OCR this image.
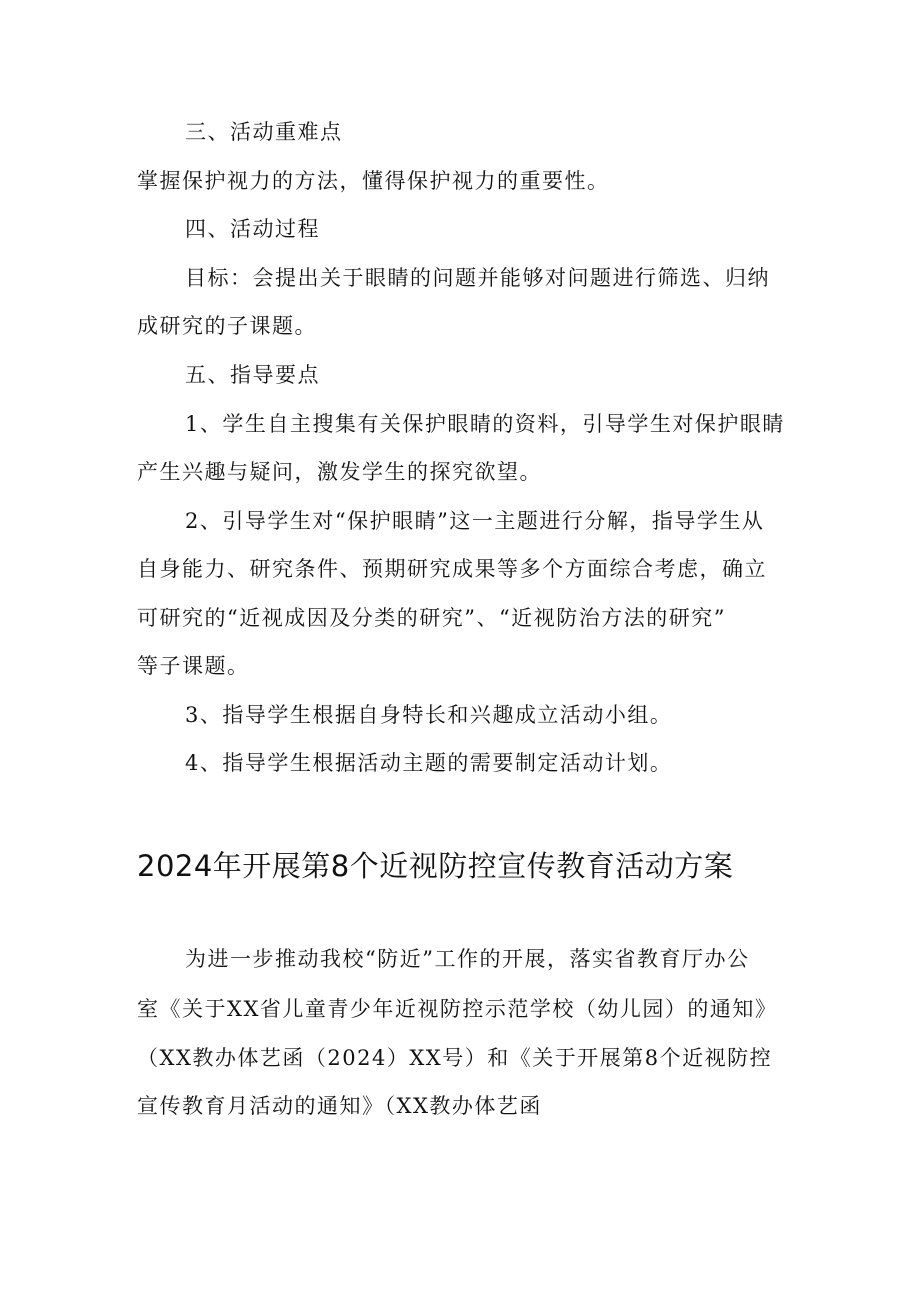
三、活动重难点
掌握保护视力的方法，懂得保护视力的重要性。
四、活动过程
目标：会提出关于眼睛的问题并能够对问题进行筛选、归纳
成研究的子课题。
五、指导要点
1、学生自主搜集有关保护眼睛的资料，引导学生对保护眼睛
产生兴趣与疑问，激发学生的探究欲望。
2、引导学生对“保护眼睛”这一主题进行分解，指导学生从
自身能力、研究条件、预期研究成果等多个方面综合考虑，确立
可研究的“近视成因及分类的研究”、“近视防治方法的研究”
等子课题。
3、指导学生根据自身特长和兴趣成立活动小组。
4、指导学生根据活动主题的需要制定活动计划。
2024年开展第8个近视防控宣传教育活动方案
为进一步推动我校“防近”工作的开展，落实省教育厅办公
室《关于XX省儿童青少年近视防控示范学校（幼儿园）的通知》
（XX教办体艺函（2024）XX号）和《关于开展第8个近视防控
宣传教育月活动的通知》（XX教办体艺函
